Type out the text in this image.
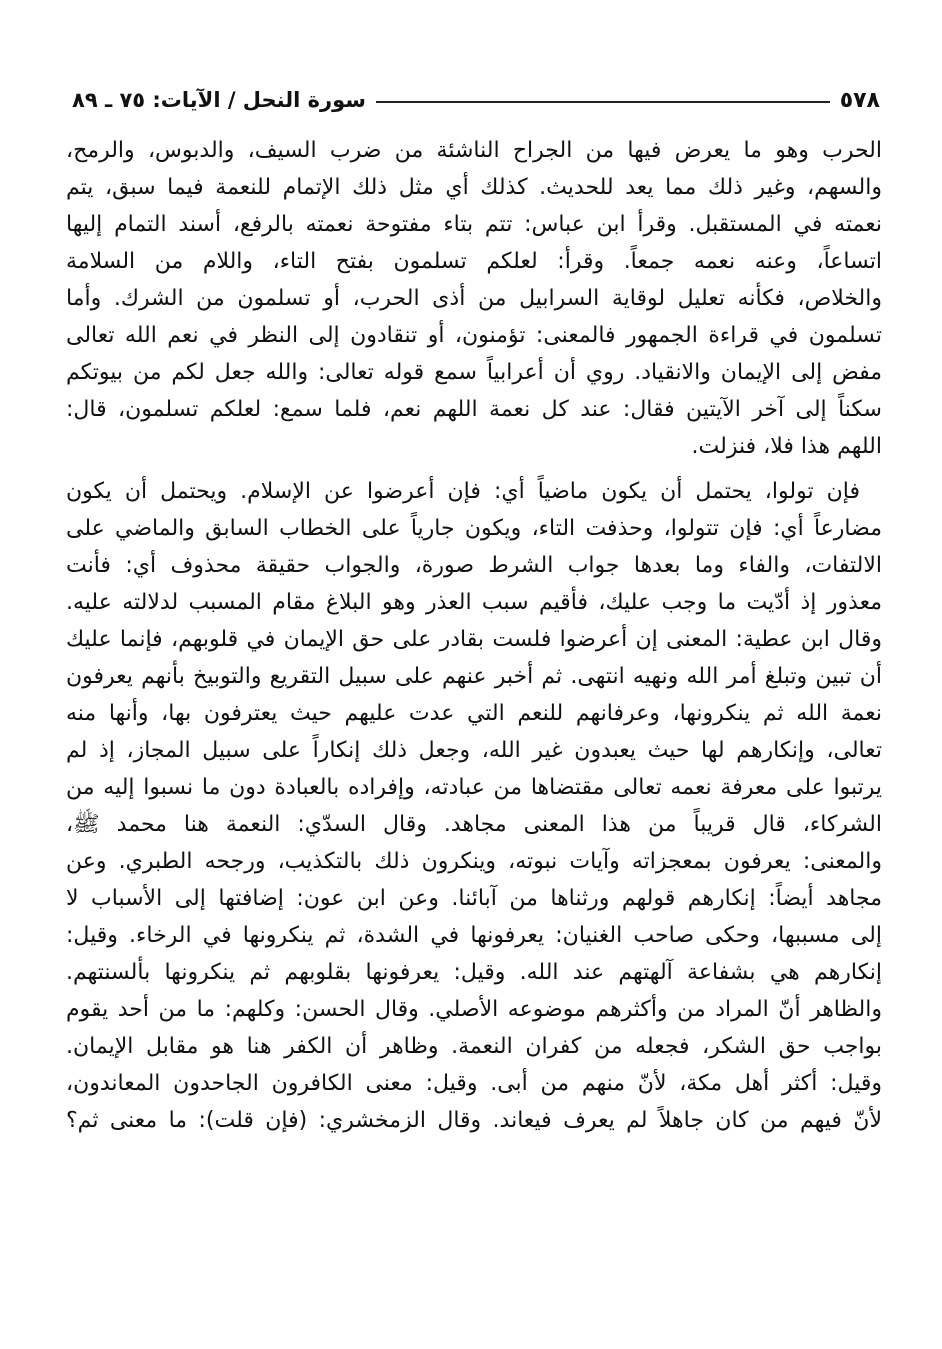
٥٧٨
سورة النحل / الآيات: ٧٥ ـ ٨٩
الحرب وهو ما يعرض فيها من الجراح الناشئة من ضرب السيف، والدبوس، والرمح،
والسهم، وغير ذلك مما يعد للحديث. كذلك أي مثل ذلك الإتمام للنعمة فيما سبق، يتم
نعمته في المستقبل. وقرأ ابن عباس: تتم بتاء مفتوحة نعمته بالرفع، أسند التمام إليها
اتساعاً، وعنه نعمه جمعاً. وقرأ: لعلكم تسلمون بفتح التاء، واللام من السلامة
والخلاص، فكأنه تعليل لوقاية السرابيل من أذى الحرب، أو تسلمون من الشرك. وأما
تسلمون في قراءة الجمهور فالمعنى: تؤمنون، أو تنقادون إلى النظر في نعم الله تعالى
مفض إلى الإيمان والانقياد. روي أن أعرابياً سمع قوله تعالى: والله جعل لكم من بيوتكم
سكناً إلى آخر الآيتين فقال: عند كل نعمة اللهم نعم، فلما سمع: لعلكم تسلمون، قال:
اللهم هذا فلا، فنزلت.
فإن تولوا، يحتمل أن يكون ماضياً أي: فإن أعرضوا عن الإسلام. ويحتمل أن يكون
مضارعاً أي: فإن تتولوا، وحذفت التاء، ويكون جارياً على الخطاب السابق والماضي على
الالتفات، والفاء وما بعدها جواب الشرط صورة، والجواب حقيقة محذوف أي: فأنت
معذور إذ أدّيت ما وجب عليك، فأقيم سبب العذر وهو البلاغ مقام المسبب لدلالته عليه.
وقال ابن عطية: المعنى إن أعرضوا فلست بقادر على حق الإيمان في قلوبهم، فإنما عليك
أن تبين وتبلغ أمر الله ونهيه انتهى. ثم أخبر عنهم على سبيل التقريع والتوبيخ بأنهم يعرفون
نعمة الله ثم ينكرونها، وعرفانهم للنعم التي عدت عليهم حيث يعترفون بها، وأنها منه
تعالى، وإنكارهم لها حيث يعبدون غير الله، وجعل ذلك إنكاراً على سبيل المجاز، إذ لم
يرتبوا على معرفة نعمه تعالى مقتضاها من عبادته، وإفراده بالعبادة دون ما نسبوا إليه من
الشركاء، قال قريباً من هذا المعنى مجاهد. وقال السدّي: النعمة هنا محمد ﷺ،
والمعنى: يعرفون بمعجزاته وآيات نبوته، وينكرون ذلك بالتكذيب، ورجحه الطبري. وعن
مجاهد أيضاً: إنكارهم قولهم ورثناها من آبائنا. وعن ابن عون: إضافتها إلى الأسباب لا
إلى مسببها، وحكى صاحب الغنيان: يعرفونها في الشدة، ثم ينكرونها في الرخاء. وقيل:
إنكارهم هي بشفاعة آلهتهم عند الله. وقيل: يعرفونها بقلوبهم ثم ينكرونها بألسنتهم.
والظاهر أنّ المراد من وأكثرهم موضوعه الأصلي. وقال الحسن: وكلهم: ما من أحد يقوم
بواجب حق الشكر، فجعله من كفران النعمة. وظاهر أن الكفر هنا هو مقابل الإيمان.
وقيل: أكثر أهل مكة، لأنّ منهم من أبى. وقيل: معنى الكافرون الجاحدون المعاندون،
لأنّ فيهم من كان جاهلاً لم يعرف فيعاند. وقال الزمخشري: (فإن قلت): ما معنى ثم؟
